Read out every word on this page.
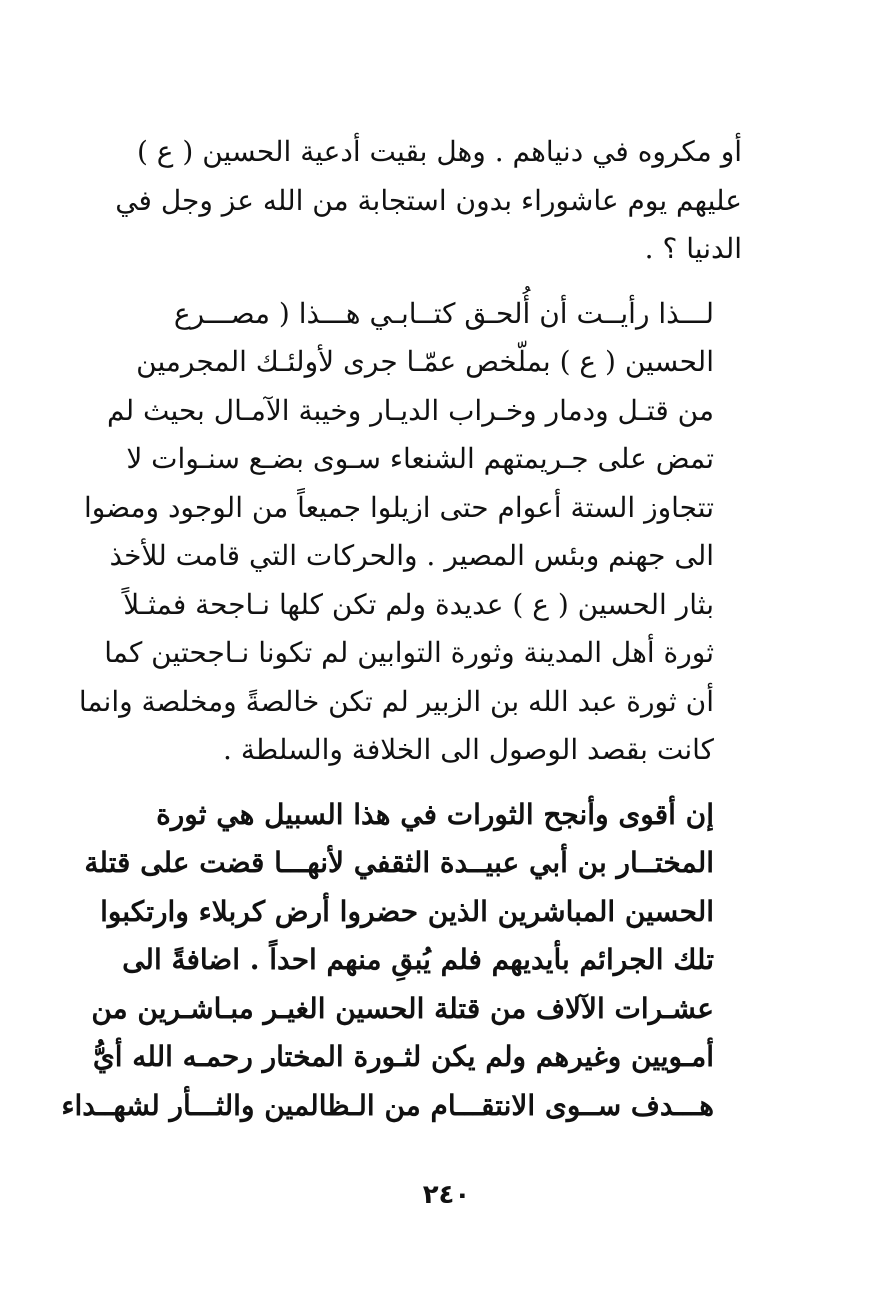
أو مكروه في دنياهم . وهل بقيت أدعية الحسين ( ع )
عليهم يوم عاشوراء بدون استجابة من الله عز وجل في
الدنيا ؟ .

لـــذا رأيــت أن أُلحـق كتــابـي هـــذا ( مصـــرع
الحسين ( ع ) بملّخص عمّـا جرى لأولئـك المجرمين
من قتـل ودمار وخـراب الديـار وخيبة الآمـال بحيث لم
تمض على جـريمتهم الشنعاء سـوى بضـع سنـوات لا
تتجاوز الستة أعوام حتى ازيلوا جميعاً من الوجود ومضوا
الى جهنم وبئس المصير . والحركات التي قامت للأخذ
بثار الحسين ( ع ) عديدة ولم تكن كلها نـاجحة فمثـلاً
ثورة أهل المدينة وثورة التوابين لم تكونا نـاجحتين كما
أن ثورة عبد الله بن الزبير لم تكن خالصةً ومخلصة وانما
كانت بقصد الوصول الى الخلافة والسلطة .

إن أقوى وأنجح الثورات في هذا السبيل هي ثورة
المختــار بن أبي عبيــدة الثقفي لأنهـــا قضت على قتلة
الحسين المباشرين الذين حضروا أرض كربلاء وارتكبوا
تلك الجرائم بأيديهم فلم يُبقِ منهم احداً . اضافةً الى
عشـرات الآلاف من قتلة الحسين الغيـر مبـاشـرين من
أمـويين وغيرهم ولم يكن لثـورة المختار رحمـه الله أيُّ
هـــدف ســوى الانتقـــام من الـظالمين والثـــأر لشهــداء

٢٤٠
